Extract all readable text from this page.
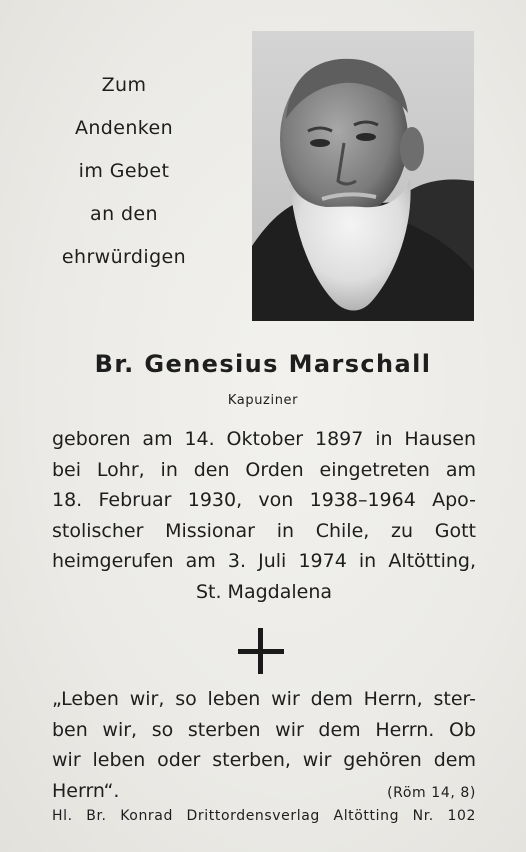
Zum
Andenken
im Gebet
an den
ehrwürdigen
Br. Genesius Marschall
Kapuziner
geboren am 14. Oktober 1897 in Hausen
bei Lohr, in den Orden eingetreten am
18. Februar 1930, von 1938–1964 Apo-
stolischer Missionar in Chile, zu Gott
heimgerufen am 3. Juli 1974 in Altötting,
St. Magdalena
„Leben wir, so leben wir dem Herrn, ster-
ben wir, so sterben wir dem Herrn. Ob
wir leben oder sterben, wir gehören dem
Herrn“.	(Röm 14, 8)
Hl. Br. Konrad Drittordensverlag Altötting Nr. 102
